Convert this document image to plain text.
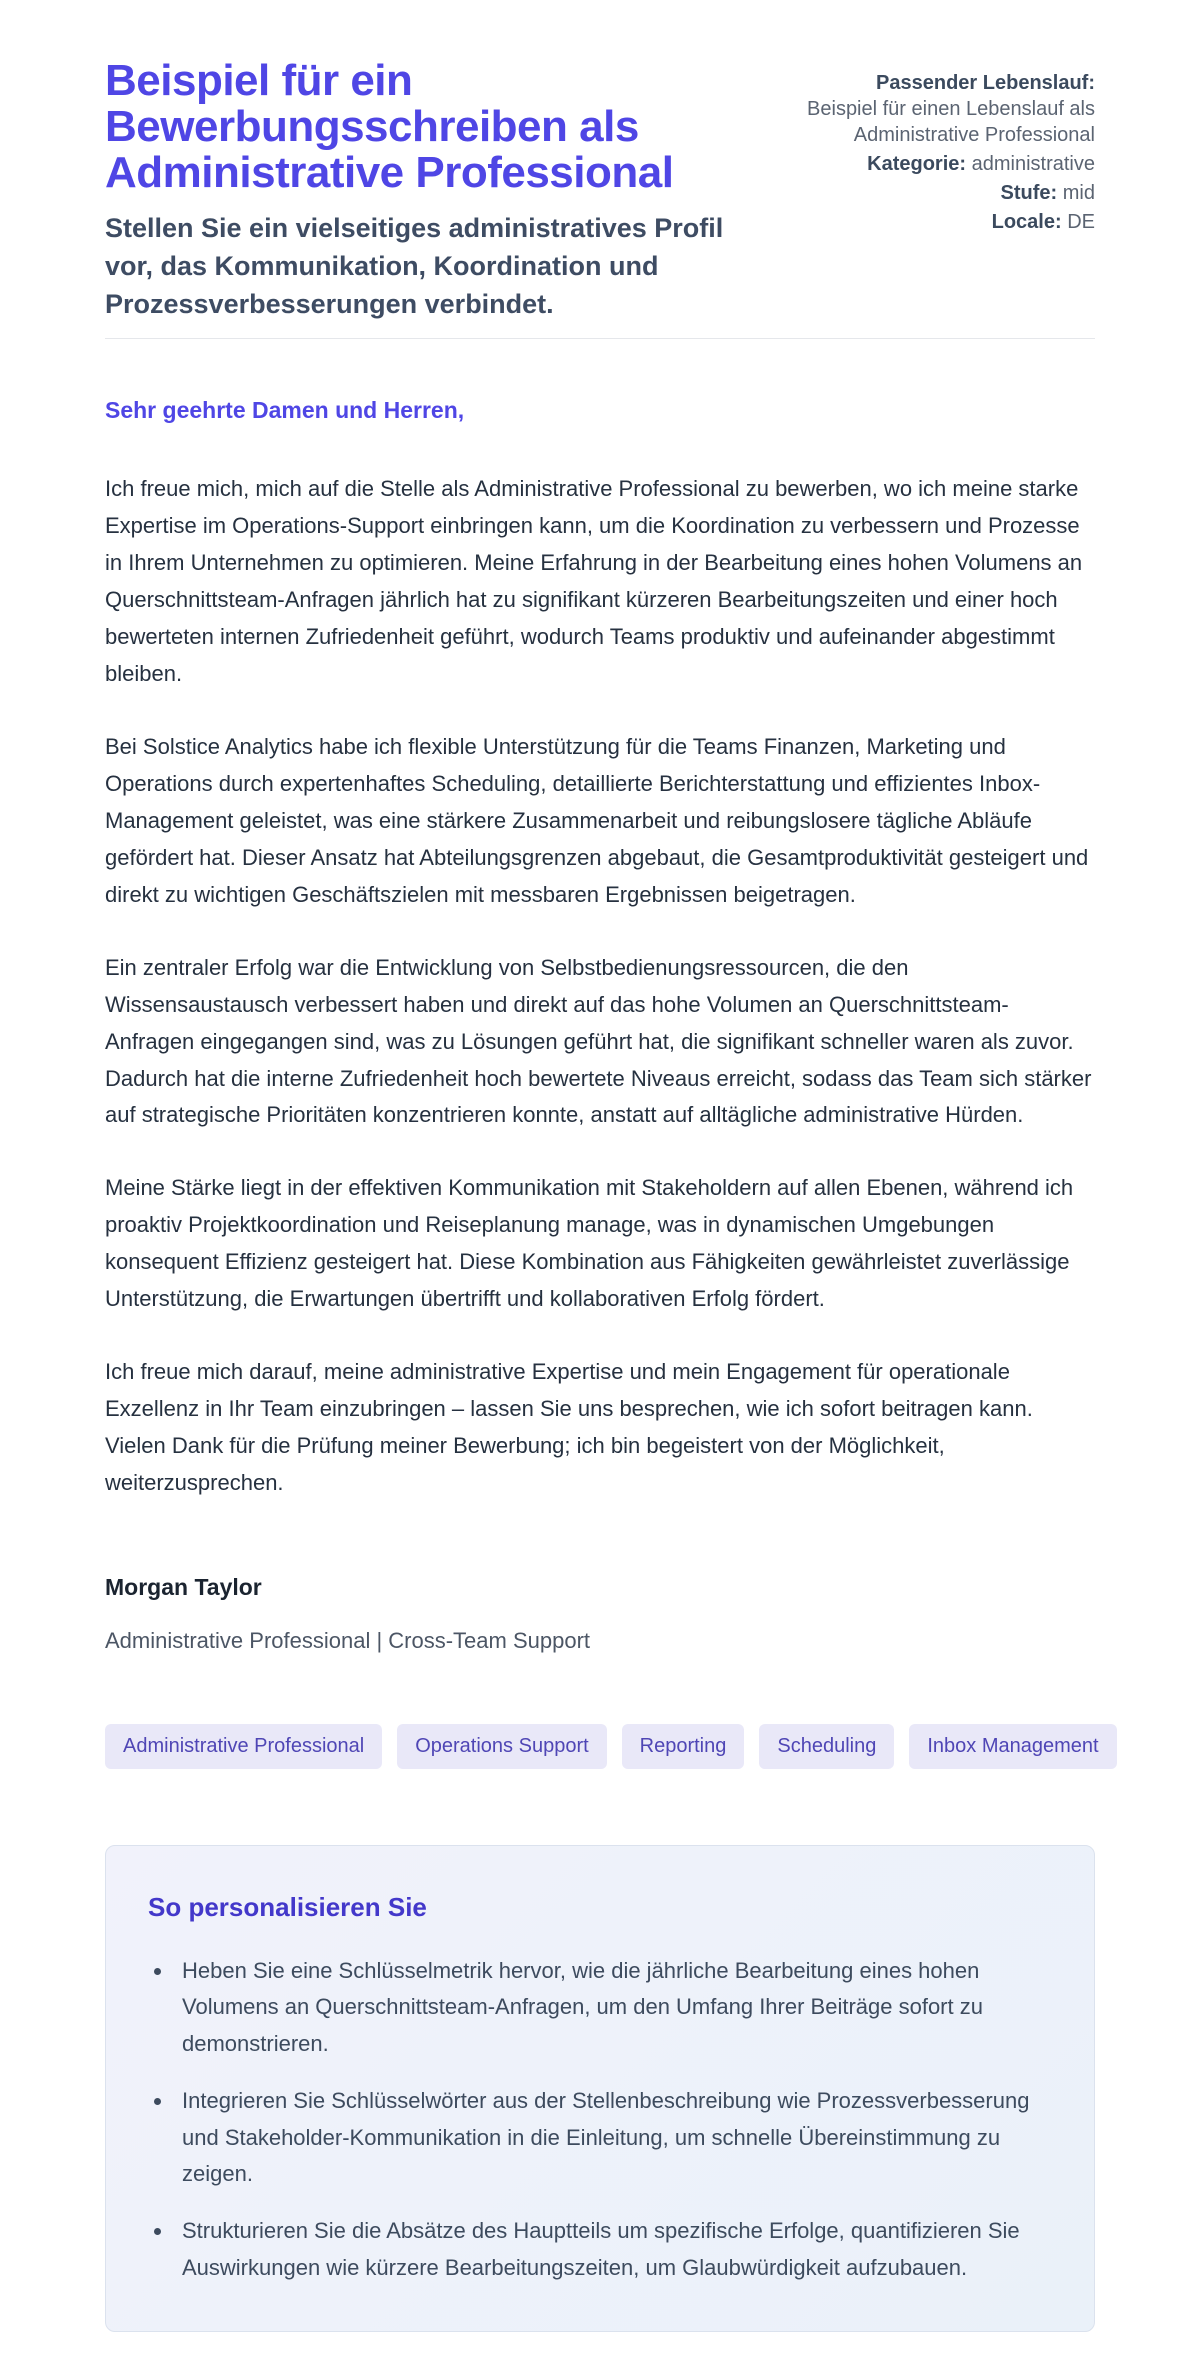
Beispiel für ein Bewerbungsschreiben als Administrative Professional

Stellen Sie ein vielseitiges administratives Profil vor, das Kommunikation, Koordination und Prozessverbesserungen verbindet.

Passender Lebenslauf:
Beispiel für einen Lebenslauf als Administrative Professional
Kategorie: administrative
Stufe: mid
Locale: DE

Sehr geehrte Damen und Herren,

Ich freue mich, mich auf die Stelle als Administrative Professional zu bewerben, wo ich meine starke Expertise im Operations-Support einbringen kann, um die Koordination zu verbessern und Prozesse in Ihrem Unternehmen zu optimieren. Meine Erfahrung in der Bearbeitung eines hohen Volumens an Querschnittsteam-Anfragen jährlich hat zu signifikant kürzeren Bearbeitungszeiten und einer hoch bewerteten internen Zufriedenheit geführt, wodurch Teams produktiv und aufeinander abgestimmt bleiben.

Bei Solstice Analytics habe ich flexible Unterstützung für die Teams Finanzen, Marketing und Operations durch expertenhaftes Scheduling, detaillierte Berichterstattung und effizientes Inbox-Management geleistet, was eine stärkere Zusammenarbeit und reibungslosere tägliche Abläufe gefördert hat. Dieser Ansatz hat Abteilungsgrenzen abgebaut, die Gesamtproduktivität gesteigert und direkt zu wichtigen Geschäftszielen mit messbaren Ergebnissen beigetragen.

Ein zentraler Erfolg war die Entwicklung von Selbstbedienungsressourcen, die den Wissensaustausch verbessert haben und direkt auf das hohe Volumen an Querschnittsteam-Anfragen eingegangen sind, was zu Lösungen geführt hat, die signifikant schneller waren als zuvor. Dadurch hat die interne Zufriedenheit hoch bewertete Niveaus erreicht, sodass das Team sich stärker auf strategische Prioritäten konzentrieren konnte, anstatt auf alltägliche administrative Hürden.

Meine Stärke liegt in der effektiven Kommunikation mit Stakeholdern auf allen Ebenen, während ich proaktiv Projektkoordination und Reiseplanung manage, was in dynamischen Umgebungen konsequent Effizienz gesteigert hat. Diese Kombination aus Fähigkeiten gewährleistet zuverlässige Unterstützung, die Erwartungen übertrifft und kollaborativen Erfolg fördert.

Ich freue mich darauf, meine administrative Expertise und mein Engagement für operationale Exzellenz in Ihr Team einzubringen – lassen Sie uns besprechen, wie ich sofort beitragen kann. Vielen Dank für die Prüfung meiner Bewerbung; ich bin begeistert von der Möglichkeit, weiterzusprechen.

Morgan Taylor

Administrative Professional | Cross-Team Support

Administrative Professional	Operations Support	Reporting	Scheduling	Inbox Management
So personalisieren Sie
• Heben Sie eine Schlüsselmetrik hervor, wie die jährliche Bearbeitung eines hohen Volumens an Querschnittsteam-Anfragen, um den Umfang Ihrer Beiträge sofort zu demonstrieren.
• Integrieren Sie Schlüsselwörter aus der Stellenbeschreibung wie Prozessverbesserung und Stakeholder-Kommunikation in die Einleitung, um schnelle Übereinstimmung zu zeigen.
• Strukturieren Sie die Absätze des Hauptteils um spezifische Erfolge, quantifizieren Sie Auswirkungen wie kürzere Bearbeitungszeiten, um Glaubwürdigkeit aufzubauen.
